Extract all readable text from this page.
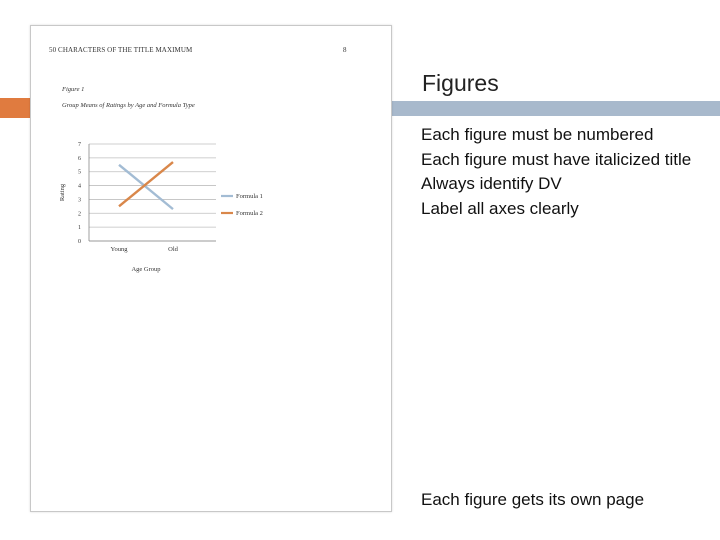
50 CHARACTERS OF THE TITLE MAXIMUM	8
Figure 1
Group Means of Ratings by Age and Formula Type
0
1
2
3
4
5
6
7
Rating
Young	Old
Age Group
Formula 1
Formula 2
Figures
Each figure must be numbered
Each figure must have italicized title
Always identify DV
Label all axes clearly
Each figure gets its own page
